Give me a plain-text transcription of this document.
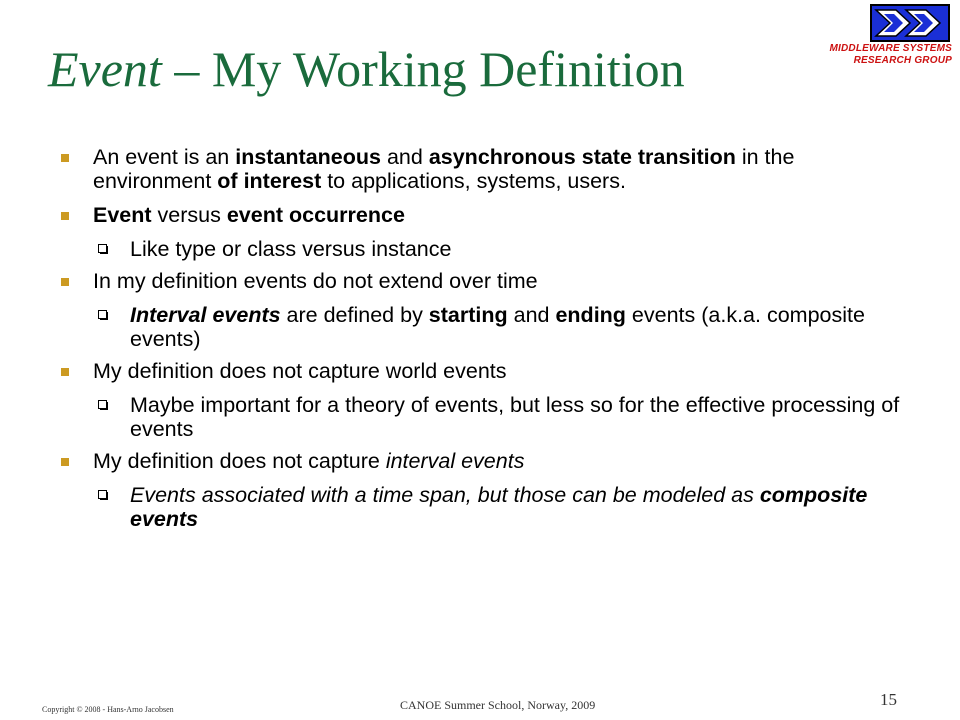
Event – My Working Definition	MIDDLEWARE SYSTEMS
RESEARCH GROUP
An event is an instantaneous and asynchronous state transition in the environment of interest to applications, systems, users.
Event versus event occurrence
Like type or class versus instance
In my definition events do not extend over time
Interval events are defined by starting and ending events (a.k.a. composite events)
My definition does not capture world events
Maybe important for a theory of events, but less so for the effective processing of events
My definition does not capture interval events
Events associated with a time span, but those can be modeled as composite events
Copyright © 2008 - Hans-Arno Jacobsen	CANOE Summer School, Norway, 2009	15
